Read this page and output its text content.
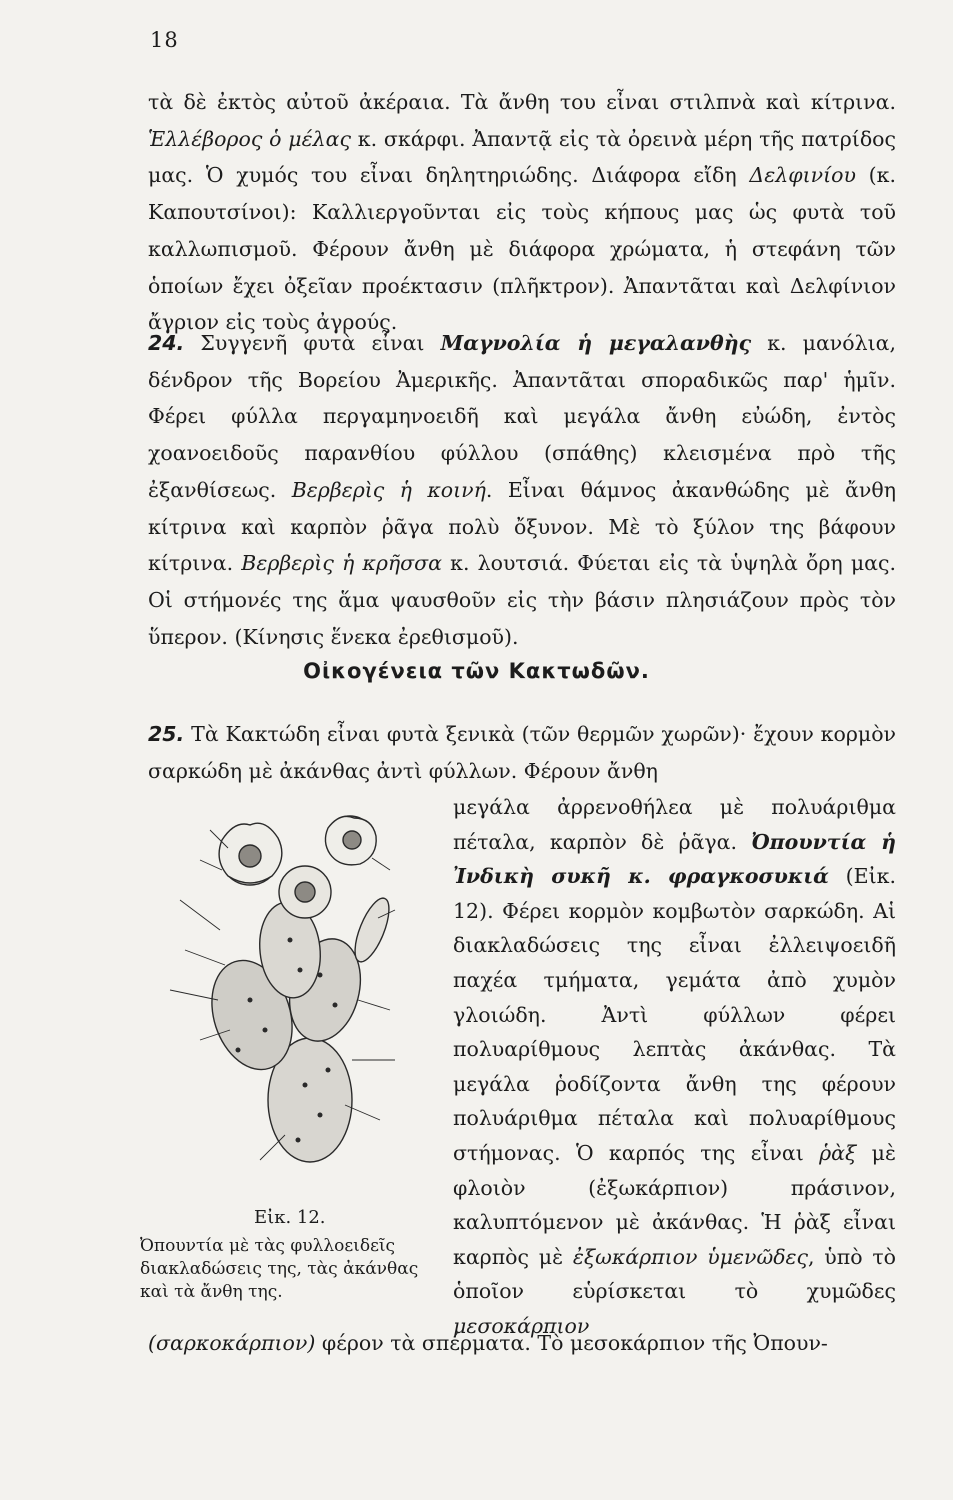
18

τὰ δὲ ἐκτὸς αὐτοῦ ἀκέραια. Τὰ ἄνθη του εἶναι στιλπνὰ καὶ κίτρινα. Ἑλλέβορος ὁ μέλας κ. σκάρφι. Ἀπαντᾷ εἰς τὰ ὀρεινὰ μέρη τῆς πατρίδος μας. Ὁ χυμός του εἶναι δηλητηριώδης. Διάφορα εἴδη Δελφινίου (κ. Καπουτσίνοι): Καλλιεργοῦνται εἰς τοὺς κήπους μας ὡς φυτὰ τοῦ καλλωπισμοῦ. Φέρουν ἄνθη μὲ διάφορα χρώματα, ἡ στεφάνη τῶν ὁποίων ἔχει ὀξεῖαν προέκτασιν (πλῆκτρον). Ἀπαντᾶται καὶ Δελφίνιον ἄγριον εἰς τοὺς ἀγρούς.

24. Συγγενῆ φυτὰ εἶναι Μαγνολία ἡ μεγαλανθὴς κ. μανόλια, δένδρον τῆς Βορείου Ἀμερικῆς. Ἀπαντᾶται σποραδικῶς παρ' ἡμῖν. Φέρει φύλλα περγαμηνοειδῆ καὶ μεγάλα ἄνθη εὐώδη, ἐντὸς χοανοειδοῦς παρανθίου φύλλου (σπάθης) κλεισμένα πρὸ τῆς ἐξανθίσεως. Βερβερὶς ἡ κοινή. Εἶναι θάμνος ἀκανθώδης μὲ ἄνθη κίτρινα καὶ καρπὸν ῥᾶγα πολὺ ὄξυνον. Μὲ τὸ ξύλον της βάφουν κίτρινα. Βερβερὶς ἡ κρῆσσα κ. λουτσιά. Φύεται εἰς τὰ ὑψηλὰ ὄρη μας. Οἱ στήμονές της ἅμα ψαυσθοῦν εἰς τὴν βάσιν πλησιάζουν πρὸς τὸν ὕπερον. (Κίνησις ἕνεκα ἐρεθισμοῦ).

Οἰκογένεια τῶν Κακτωδῶν.

25. Τὰ Κακτώδη εἶναι φυτὰ ξενικὰ (τῶν θερμῶν χωρῶν)· ἔχουν κορμὸν σαρκώδη μὲ ἀκάνθας ἀντὶ φύλλων. Φέρουν ἄνθη

μεγάλα ἀρρενοθήλεα μὲ πολυάριθμα πέταλα, καρπὸν δὲ ῥᾶγα. Ὀπουντία ἡ Ἰνδικὴ συκῆ κ. φραγκοσυκιά (Εἰκ. 12). Φέρει κορμὸν κομβωτὸν σαρκώδη. Αἱ διακλαδώσεις της εἶναι ἐλλειψοειδῆ παχέα τμήματα, γεμάτα ἀπὸ χυμὸν γλοιώδη. Ἀντὶ φύλλων φέρει πολυαρίθμους λεπτὰς ἀκάνθας. Τὰ μεγάλα ῥοδίζοντα ἄνθη της φέρουν πολυάριθμα πέταλα καὶ πολυαρίθμους στήμονας. Ὁ καρπός της εἶναι ῥὰξ μὲ φλοιὸν (ἐξωκάρπιον) πράσινον, καλυπτόμενον μὲ ἀκάνθας. Ἡ ῥὰξ εἶναι καρπὸς μὲ ἐξωκάρπιον ὑμενῶδες, ὑπὸ τὸ ὁποῖον εὑρίσκεται τὸ χυμῶδες μεσοκάρπιον

(σαρκοκάρπιον) φέρον τὰ σπέρματα. Τὸ μεσοκάρπιον τῆς Ὀπουν-

Εἰκ. 12.

Ὀπουντία μὲ τὰς φυλλοειδεῖς διακλαδώσεις της, τὰς ἀκάνθας καὶ τὰ ἄνθη της.
